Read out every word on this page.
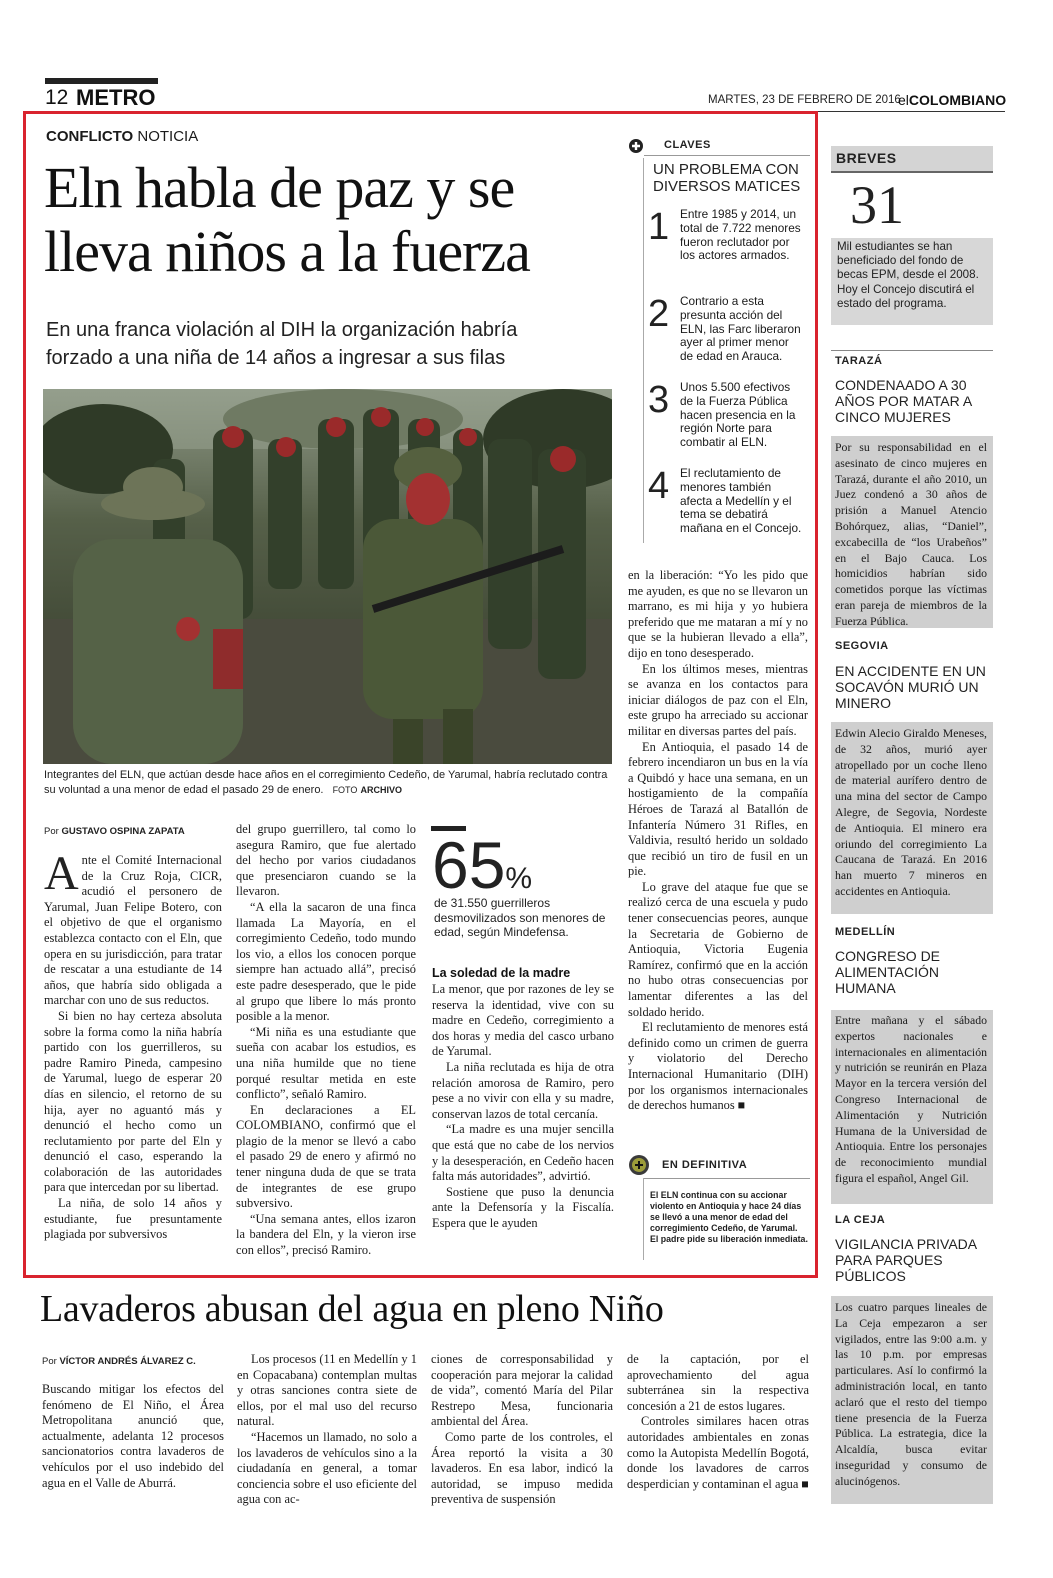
12 METRO	MARTES, 23 DE FEBRERO DE 2016
elCOLOMBIANO
CONFLICTO NOTICIA
Eln habla de paz y se
lleva niños a la fuerza
En una franca violación al DIH la organización habría
forzado a una niña de 14 años a ingresar a sus filas
Integrantes del ELN, que actúan desde hace años en el corregimiento Cedeño, de Yarumal, habría reclutado contra su voluntad a una menor de edad el pasado 29 de enero. FOTO ARCHIVO
Por GUSTAVO OSPINA ZAPATA
A nte el Comité Internacional de la Cruz Roja, CICR, acudió el personero de Yarumal, Juan Felipe Botero, con el objetivo de que el organismo establezca contacto con el Eln, que opera en su jurisdicción, para tratar de rescatar a una estudiante de 14 años, que habría sido obligada a marchar con uno de sus reductos.

Si bien no hay certeza absoluta sobre la forma como la niña habría partido con los guerrilleros, su padre Ramiro Pineda, campesino de Yarumal, luego de esperar 20 días en silencio, el retorno de su hija, ayer no aguantó más y denunció el hecho como un reclutamiento por parte del Eln y denunció el caso, esperando la colaboración de las autoridades para que intercedan por su libertad.

La niña, de solo 14 años y estudiante, fue presuntamente plagiada por subversivos

del grupo guerrillero, tal como lo asegura Ramiro, que fue alertado del hecho por varios ciudadanos que presenciaron cuando se la llevaron.

“A ella la sacaron de una finca llamada La Mayoría, en el corregimiento Cedeño, todo mundo los vio, a ellos los conocen porque siempre han actuado allá”, precisó este padre desesperado, que le pide al grupo que libere lo más pronto posible a la menor.

“Mi niña es una estudiante que sueña con acabar los estudios, es una niña humilde que no tiene porqué resultar metida en este conflicto”, señaló Ramiro.

En declaraciones a EL COLOMBIANO, confirmó que el plagio de la menor se llevó a cabo el pasado 29 de enero y afirmó no tener ninguna duda de que se trata de integrantes de ese grupo subversivo.

“Una semana antes, ellos izaron la bandera del Eln, y la vieron irse con ellos”, precisó Ramiro.

65%
de 31.550 guerrilleros desmovilizados son menores de edad, según Mindefensa.
La soledad de la madre

La menor, que por razones de ley se reserva la identidad, vive con su madre en Cedeño, corregimiento a dos horas y media del casco urbano de Yarumal.

La niña reclutada es hija de otra relación amorosa de Ramiro, pero pese a no vivir con ella y su madre, conservan lazos de total cercanía.

“La madre es una mujer sencilla que está que no cabe de los nervios y la desesperación, en Cedeño hacen falta más autoridades”, advirtió.

Sostiene que puso la denuncia ante la Defensoría y la Fiscalía. Espera que le ayuden

en la liberación: “Yo les pido que me ayuden, es que no se llevaron un marrano, es mi hija y yo hubiera preferido que me mataran a mí y no que se la hubieran llevado a ella”, dijo en tono desesperado.

En los últimos meses, mientras se avanza en los contactos para iniciar diálogos de paz con el Eln, este grupo ha arreciado su accionar militar en diversas partes del país.

En Antioquia, el pasado 14 de febrero incendiaron un bus en la vía a Quibdó y hace una semana, en un hostigamiento de la compañía Héroes de Tarazá al Batallón de Infantería Número 31 Rifles, en Valdivia, resultó herido un soldado que recibió un tiro de fusil en un pie.

Lo grave del ataque fue que se realizó cerca de una escuela y pudo tener consecuencias peores, aunque la Secretaria de Gobierno de Antioquia, Victoria Eugenia Ramírez, confirmó que en la acción no hubo otras consecuencias por lamentar diferentes a las del soldado herido.

El reclutamiento de menores está definido como un crimen de guerra y violatorio del Derecho Internacional Humanitario (DIH) por los organismos internacionales de derechos humanos ■

CLAVES
UN PROBLEMA CON
DIVERSOS MATICES
1 Entre 1985 y 2014, un total de 7.722 menores fueron reclutador por los actores armados.
2 Contrario a esta presunta acción del ELN, las Farc liberaron ayer al primer menor de edad en Arauca.
3 Unos 5.500 efectivos de la Fuerza Pública hacen presencia en la región Norte para combatir al ELN.
4 El reclutamiento de menores también afecta a Medellín y el tema se debatirá mañana en el Concejo.
EN DEFINITIVA
El ELN continua con su accionar violento en Antioquia y hace 24 días se llevó a una menor de edad del corregimiento Cedeño, de Yarumal. El padre pide su liberación inmediata.
BREVES
31
Mil estudiantes se han beneficiado del fondo de becas EPM, desde el 2008. Hoy el Concejo discutirá el estado del programa.
TARAZÁ
CONDENAADO A 30 AÑOS POR MATAR A CINCO MUJERES
Por su responsabilidad en el asesinato de cinco mujeres en Tarazá, durante el año 2010, un Juez condenó a 30 años de prisión a Manuel Atencio Bohórquez, alias, “Daniel”, excabecilla de “los Urabeños” en el Bajo Cauca. Los homicidios habrían sido cometidos porque las víctimas eran pareja de miembros de la Fuerza Pública.
SEGOVIA
EN ACCIDENTE EN UN SOCAVÓN MURIÓ UN MINERO
Edwin Alecio Giraldo Meneses, de 32 años, murió ayer atropellado por un coche lleno de material aurífero dentro de una mina del sector de Campo Alegre, de Segovia, Nordeste de Antioquia. El minero era oriundo del corregimiento La Caucana de Tarazá. En 2016 han muerto 7 mineros en accidentes en Antioquia.
MEDELLÍN
CONGRESO DE ALIMENTACIÓN HUMANA
Entre mañana y el sábado expertos nacionales e internacionales en alimentación y nutrición se reunirán en Plaza Mayor en la tercera versión del Congreso Internacional de Alimentación y Nutrición Humana de la Universidad de Antioquia. Entre los personajes de reconocimiento mundial figura el español, Angel Gil.
LA CEJA
VIGILANCIA PRIVADA PARA PARQUES PÚBLICOS
Los cuatro parques lineales de La Ceja empezaron a ser vigilados, entre las 9:00 a.m. y las 10 p.m. por empresas particulares. Así lo confirmó la administración local, en tanto aclaró que el resto del tiempo tiene presencia de la Fuerza Pública. La estrategia, dice la Alcaldía, busca evitar inseguridad y consumo de alucinógenos.
Lavaderos abusan del agua en pleno Niño
Por VÍCTOR ANDRÉS ÁLVAREZ C.

Buscando mitigar los efectos del fenómeno de El Niño, el Área Metropolitana anunció que, actualmente, adelanta 12 procesos sancionatorios contra lavaderos de vehículos por el uso indebido del agua en el Valle de Aburrá.

Los procesos (11 en Medellín y 1 en Copacabana) contemplan multas y otras sanciones contra siete de ellos, por el mal uso del recurso natural.

“Hacemos un llamado, no solo a los lavaderos de vehículos sino a la ciudadanía en general, a tomar conciencia sobre el uso eficiente del agua con ac-

ciones de corresponsabilidad y cooperación para mejorar la calidad de vida”, comentó María del Pilar Restrepo Mesa, funcionaria ambiental del Área.

Como parte de los controles, el Área reportó la visita a 30 lavaderos. En esa labor, indicó la autoridad, se impuso medida preventiva de suspensión

de la captación, por el aprovechamiento del agua subterránea sin la respectiva concesión a 21 de estos lugares.

Controles similares hacen otras autoridades ambientales en zonas como la Autopista Medellín Bogotá, donde los lavadores de carros desperdician y contaminan el agua ■
